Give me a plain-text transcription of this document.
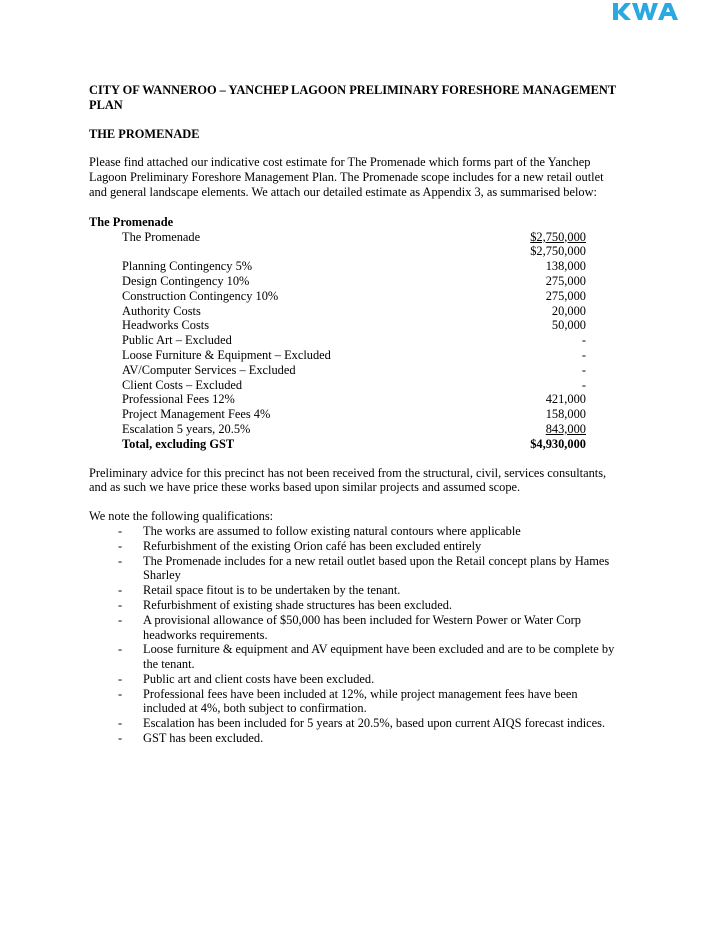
CITY OF WANNEROO – YANCHEP LAGOON PRELIMINARY FORESHORE MANAGEMENT PLAN

THE PROMENADE

Please find attached our indicative cost estimate for The Promenade which forms part of the Yanchep Lagoon Preliminary Foreshore Management Plan. The Promenade scope includes for a new retail outlet and general landscape elements. We attach our detailed estimate as Appendix 3, as summarised below:

The Promenade
The Promenade	$2,750,000
	$2,750,000
Planning Contingency 5%	138,000
Design Contingency 10%	275,000
Construction Contingency 10%	275,000
Authority Costs	20,000
Headworks Costs	50,000
Public Art – Excluded	-
Loose Furniture & Equipment – Excluded	-
AV/Computer Services – Excluded	-
Client Costs – Excluded	-
Professional Fees 12%	421,000
Project Management Fees 4%	158,000
Escalation 5 years, 20.5%	843,000
Total, excluding GST	$4,930,000

Preliminary advice for this precinct has not been received from the structural, civil, services consultants, and as such we have price these works based upon similar projects and assumed scope.

We note the following qualifications:

- The works are assumed to follow existing natural contours where applicable
- Refurbishment of the existing Orion café has been excluded entirely
- The Promenade includes for a new retail outlet based upon the Retail concept plans by Hames Sharley
- Retail space fitout is to be undertaken by the tenant.
- Refurbishment of existing shade structures has been excluded.
- A provisional allowance of $50,000 has been included for Western Power or Water Corp headworks requirements.
- Loose furniture & equipment and AV equipment have been excluded and are to be complete by the tenant.
- Public art and client costs have been excluded.
- Professional fees have been included at 12%, while project management fees have been included at 4%, both subject to confirmation.
- Escalation has been included for 5 years at 20.5%, based upon current AIQS forecast indices.
- GST has been excluded.
